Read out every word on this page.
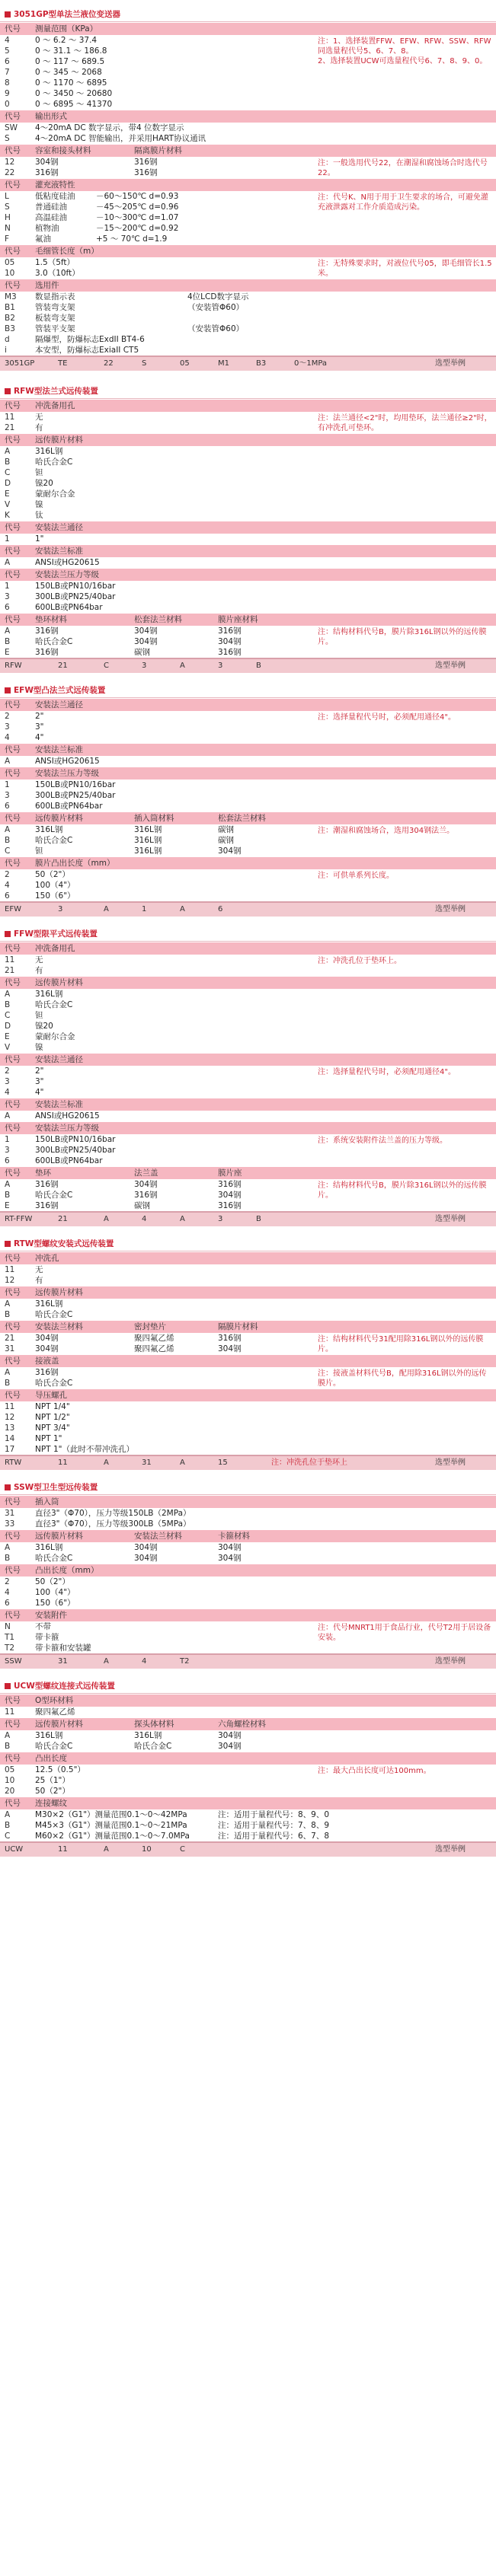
3051GP型单法兰液位变送器
代号	测量范围（KPa）
4	0 ～ 6.2 ～ 37.4
5	0 ～ 31.1 ～ 186.8
6	0 ～ 117 ～ 689.5
7	0 ～ 345 ～ 2068
8	0 ～ 1170 ～ 6895
9	0 ～ 3450 ～ 20680
0	0 ～ 6895 ～ 41370
注：1、选择装置FFW、EFW、RFW、SSW、RFW同选量程代号5、6、7、8。
2、选择装置UCW可选量程代号6、7、8、9、0。
代号	输出形式
SW	4～20mA DC 数字显示，带4 位数字显示
S	4～20mA DC 智能输出，并采用HART协议通讯
代号	容室和接头材料	隔离膜片材料
12	304钢	316钢
22	316钢	316钢
注：一般选用代号22，在潮湿和腐蚀场合时选代号22。
代号	灌充液特性
L	低粘度硅油	－60～150℃ d=0.93
S	普通硅油	－45～205℃ d=0.96
H	高温硅油	－10～300℃ d=1.07
N	植物油	－15～200℃ d=0.92
F	氟油	+5 ～ 70℃ d=1.9
注：代号K、N用于用于卫生要求的场合，可避免灌充液泄露对工作介质造成污染。
代号	毛细管长度（m）
05	1.5（5ft）
10	3.0（10ft）
注：无特殊要求时，对液位代号05，即毛细管长1.5米。
代号	选用件
M3	数显指示表	4位LCD数字显示
B1	管装弯支架	（安装管Φ60）
B2	板装弯支架
B3	管装平支架	（安装管Φ60）
d	隔爆型，防爆标志ExdII BT4-6
i	本安型，防爆标志ExiaII CT5
3051GP	TE	22	S	05	M1	B3	0～1MPa	选型举例
RFW型法兰式远传装置
代号	冲洗备用孔
11	无
21	有
注：法兰通径<2"时，均用垫环，法兰通径≥2"时，有冲洗孔可垫环。
代号	远传膜片材料
A	316L钢
B	哈氏合金C
C	钽
D	镍20
E	蒙耐尔合金
V	镍
K	钛
代号	安装法兰通径
1	1"
代号	安装法兰标准
A	ANSI或HG20615
代号	安装法兰压力等级
1	150LB或PN10/16bar
3	300LB或PN25/40bar
6	600LB或PN64bar
代号	垫环材料	松套法兰材料	膜片座材料
A	316钢	304钢	316钢
B	哈氏合金C	304钢	304钢
E	316钢	碳钢	316钢
注：结构材料代号B，膜片除316L钢以外的远传膜片。
RFW	21	C	3	A	3	B	选型举例
EFW型凸法兰式远传装置
代号	安装法兰通径
2	2"
3	3"
4	4"
注：选择量程代号时，必须配用通径4"。
代号	安装法兰标准
A	ANSI或HG20615
代号	安装法兰压力等级
1	150LB或PN10/16bar
3	300LB或PN25/40bar
6	600LB或PN64bar
代号	远传膜片材料	插入筒材料	松套法兰材料
A	316L钢	316L钢	碳钢
B	哈氏合金C	316L钢	碳钢
C	钽	316L钢	304钢
注：潮湿和腐蚀场合，选用304钢法兰。
代号	膜片凸出长度（mm）
2	50（2"）
4	100（4"）
6	150（6"）
注：可供单系列长度。
EFW	3	A	1	A	6	选型举例
FFW型限平式远传装置
代号	冲洗备用孔
11	无
21	有
注：冲洗孔位于垫环上。
代号	远传膜片材料
A	316L钢
B	哈氏合金C
C	钽
D	镍20
E	蒙耐尔合金
V	镍
代号	安装法兰通径
2	2"
3	3"
4	4"
注：选择量程代号时，必须配用通径4"。
代号	安装法兰标准
A	ANSI或HG20615
代号	安装法兰压力等级
1	150LB或PN10/16bar
3	300LB或PN25/40bar
6	600LB或PN64bar
注：系统安装附件法兰盖的压力等级。
代号	垫环	法兰盖	膜片座
A	316钢	304钢	316钢
B	哈氏合金C	316钢	304钢
E	316钢	碳钢	316钢
注：结构材料代号B，膜片除316L钢以外的远传膜片。
RT-FFW	21	A	4	A	3	B	选型举例
RTW型螺纹安装式远传装置
代号	冲洗孔
11	无
12	有
代号	远传膜片材料
A	316L钢
B	哈氏合金C
代号	安装法兰材料	密封垫片	隔膜片材料
21	304钢	聚四氟乙烯	316钢
31	304钢	聚四氟乙烯	304钢
注：结构材料代号31配用除316L钢以外的远传膜片。
代号	接液盖
A	316钢
B	哈氏合金C
注：接液盖材料代号B，配用除316L钢以外的远传膜片。
代号	导压螺孔
11	NPT 1/4"
12	NPT 1/2"
13	NPT 3/4"
14	NPT 1"
17	NPT 1"（此时不带冲洗孔）
RTW	11	A	31	A	15	注：冲洗孔位于垫环上	选型举例
SSW型卫生型远传装置
代号	插入筒
31	直径3"（Φ70），压力等级150LB（2MPa）
33	直径3"（Φ70），压力等级300LB（5MPa）
代号	远传膜片材料	安装法兰材料	卡箍材料
A	316L钢	304钢	304钢
B	哈氏合金C	304钢	304钢
代号	凸出长度（mm）
2	50（2"）
4	100（4"）
6	150（6"）
代号	安装附件
N	不带
T1	带卡箍
T2	带卡箍和安装罐
注：代号MNRT1用于食品行业，代号T2用于居设备安装。
SSW	31	A	4	T2	选型举例
UCW型螺纹连接式远传装置
代号	O型环材料
11	聚四氟乙烯
代号	远传膜片材料	探头体材料	六角螺栓材料
A	316L钢	316L钢	304钢
B	哈氏合金C	哈氏合金C	304钢
代号	凸出长度
05	12.5（0.5"）
10	25（1"）
20	50（2"）
注：最大凸出长度可达100mm。
代号	连接螺纹
A	M30×2（G1"）测量范围0.1～0～42MPa	注：适用于量程代号：8、9、0
B	M45×3（G1"）测量范围0.1～0～21MPa	注：适用于量程代号：7、8、9
C	M60×2（G1"）测量范围0.1～0～7.0MPa	注：适用于量程代号：6、7、8
UCW	11	A	10	C	选型举例
